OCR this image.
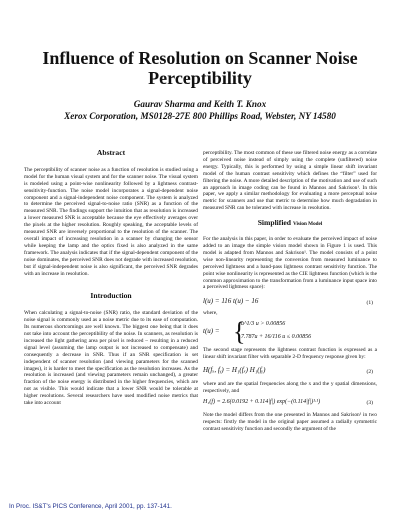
Influence of Resolution on Scanner Noise Perceptibility
Gaurav Sharma and Keith T. Knox
Xerox Corporation, MS0128-27E 800 Phillips Road, Webster, NY 14580
Abstract

The perceptibility of scanner noise as a function of resolution is studied using a model for the human visual system and for the scanner noise. The visual system is modeled using a point-wise nonlinearity followed by a lightness contrast-sensitivity-function. The noise model incorporates a signal-dependent noise component and a signal-independent noise component. The system is analyzed to determine the perceived signal-to-noise ratio (SNR) as a function of the measured SNR. The findings support the intuition that as resolution is increased a lower measured SNR is acceptable because the eye effectively averages over the pixels at the higher resolution. Roughly speaking, the acceptable levels of measured SNR are inversely proportional to the resolution of the scanner. The overall impact of increasing resolution in a scanner by changing the sensor while keeping the lamp and the optics fixed is also analyzed in the same framework. The analysis indicates that if the signal-dependent component of the noise dominates, the perceived SNR does not degrade with increased resolution, but if signal-independent noise is also significant, the perceived SNR degrades with an increase in resolution.

Introduction

When calculating a signal-to-noise (SNR) ratio, the standard deviation of the noise signal is commonly used as a noise metric due to its ease of computation. Its numerous shortcomings are well known. The biggest one being that it does not take into account the perceptibility of the noise. In scanners, as resolution is increased the light gathering area per pixel is reduced – resulting in a reduced signal level (assuming the lamp output is not increased to compensate) and consequently a decrease in SNR. Thus if an SNR specification is set independent of scanner resolution (and viewing parameters for the scanned images), it is harder to meet the specification as the resolution increases. As the resolution is increased (and viewing parameters remain unchanged), a greater fraction of the noise energy is distributed in the higher frequencies, which are not as visible. This would indicate that a lower SNR would be tolerable at higher resolutions. Several researchers have used modified noise metrics that take into account

perceptibility. The most common of these use filtered noise energy as a correlate of perceived noise instead of simply using the complete (unfiltered) noise energy. Typically, this is performed by using a simple linear shift invariant model of the human contrast sensitivity which defines the “filter” used for filtering the noise. A more detailed description of the motivation and use of such an approach in image coding can be found in Mannos and Sakrison¹. In this paper, we apply a similar methodology for evaluating a more perceptual noise metric for scanners and use that metric to determine how much degradation in measured SNR can be tolerated with increase in resolution.

Simplified Vision Model

For the analysis in this paper, in order to evaluate the perceived impact of noise added to an image the simple vision model shown in Figure 1 is used. This model is adapted from Mannos and Sakrison¹. The model consists of a point wise non-linearity representing the conversion from measured luminance to perceived lightness and a band-pass lightness contrast sensitivity function. The point wise nonlinearity is represented as the CIE lightness function (which is the common approximation to the transformation from a luminance input space into a perceived lightness space):

l(u) = 116 t(u) − 16	(1)

where,

t(u) = {
u^1/3 u > 0.00856
7.787u + 16/116 u ≤ 0.00856

The second stage represents the lightness contrast function is expressed as a linear shift invariant filter with separable 2-D frequency response given by:

H(fₓ, fᵧ) = H₁(fₓ) H₁(fᵧ)	(2)

where and are the spatial frequencies along the x and the y spatial dimensions, respectively, and

H₁(f) = 2.6(0.0192 + 0.114|f|) exp(−(0.114|f|)¹·¹)	(3)

Note the model differs from the one presented in Mannos and Sakrison¹ in two respects: firstly the model in the original paper assumed a radially symmetric contrast sensitivity function and secondly the argument of the

In Proc. IS&T's PICS Conference, April 2001, pp. 137-141.
